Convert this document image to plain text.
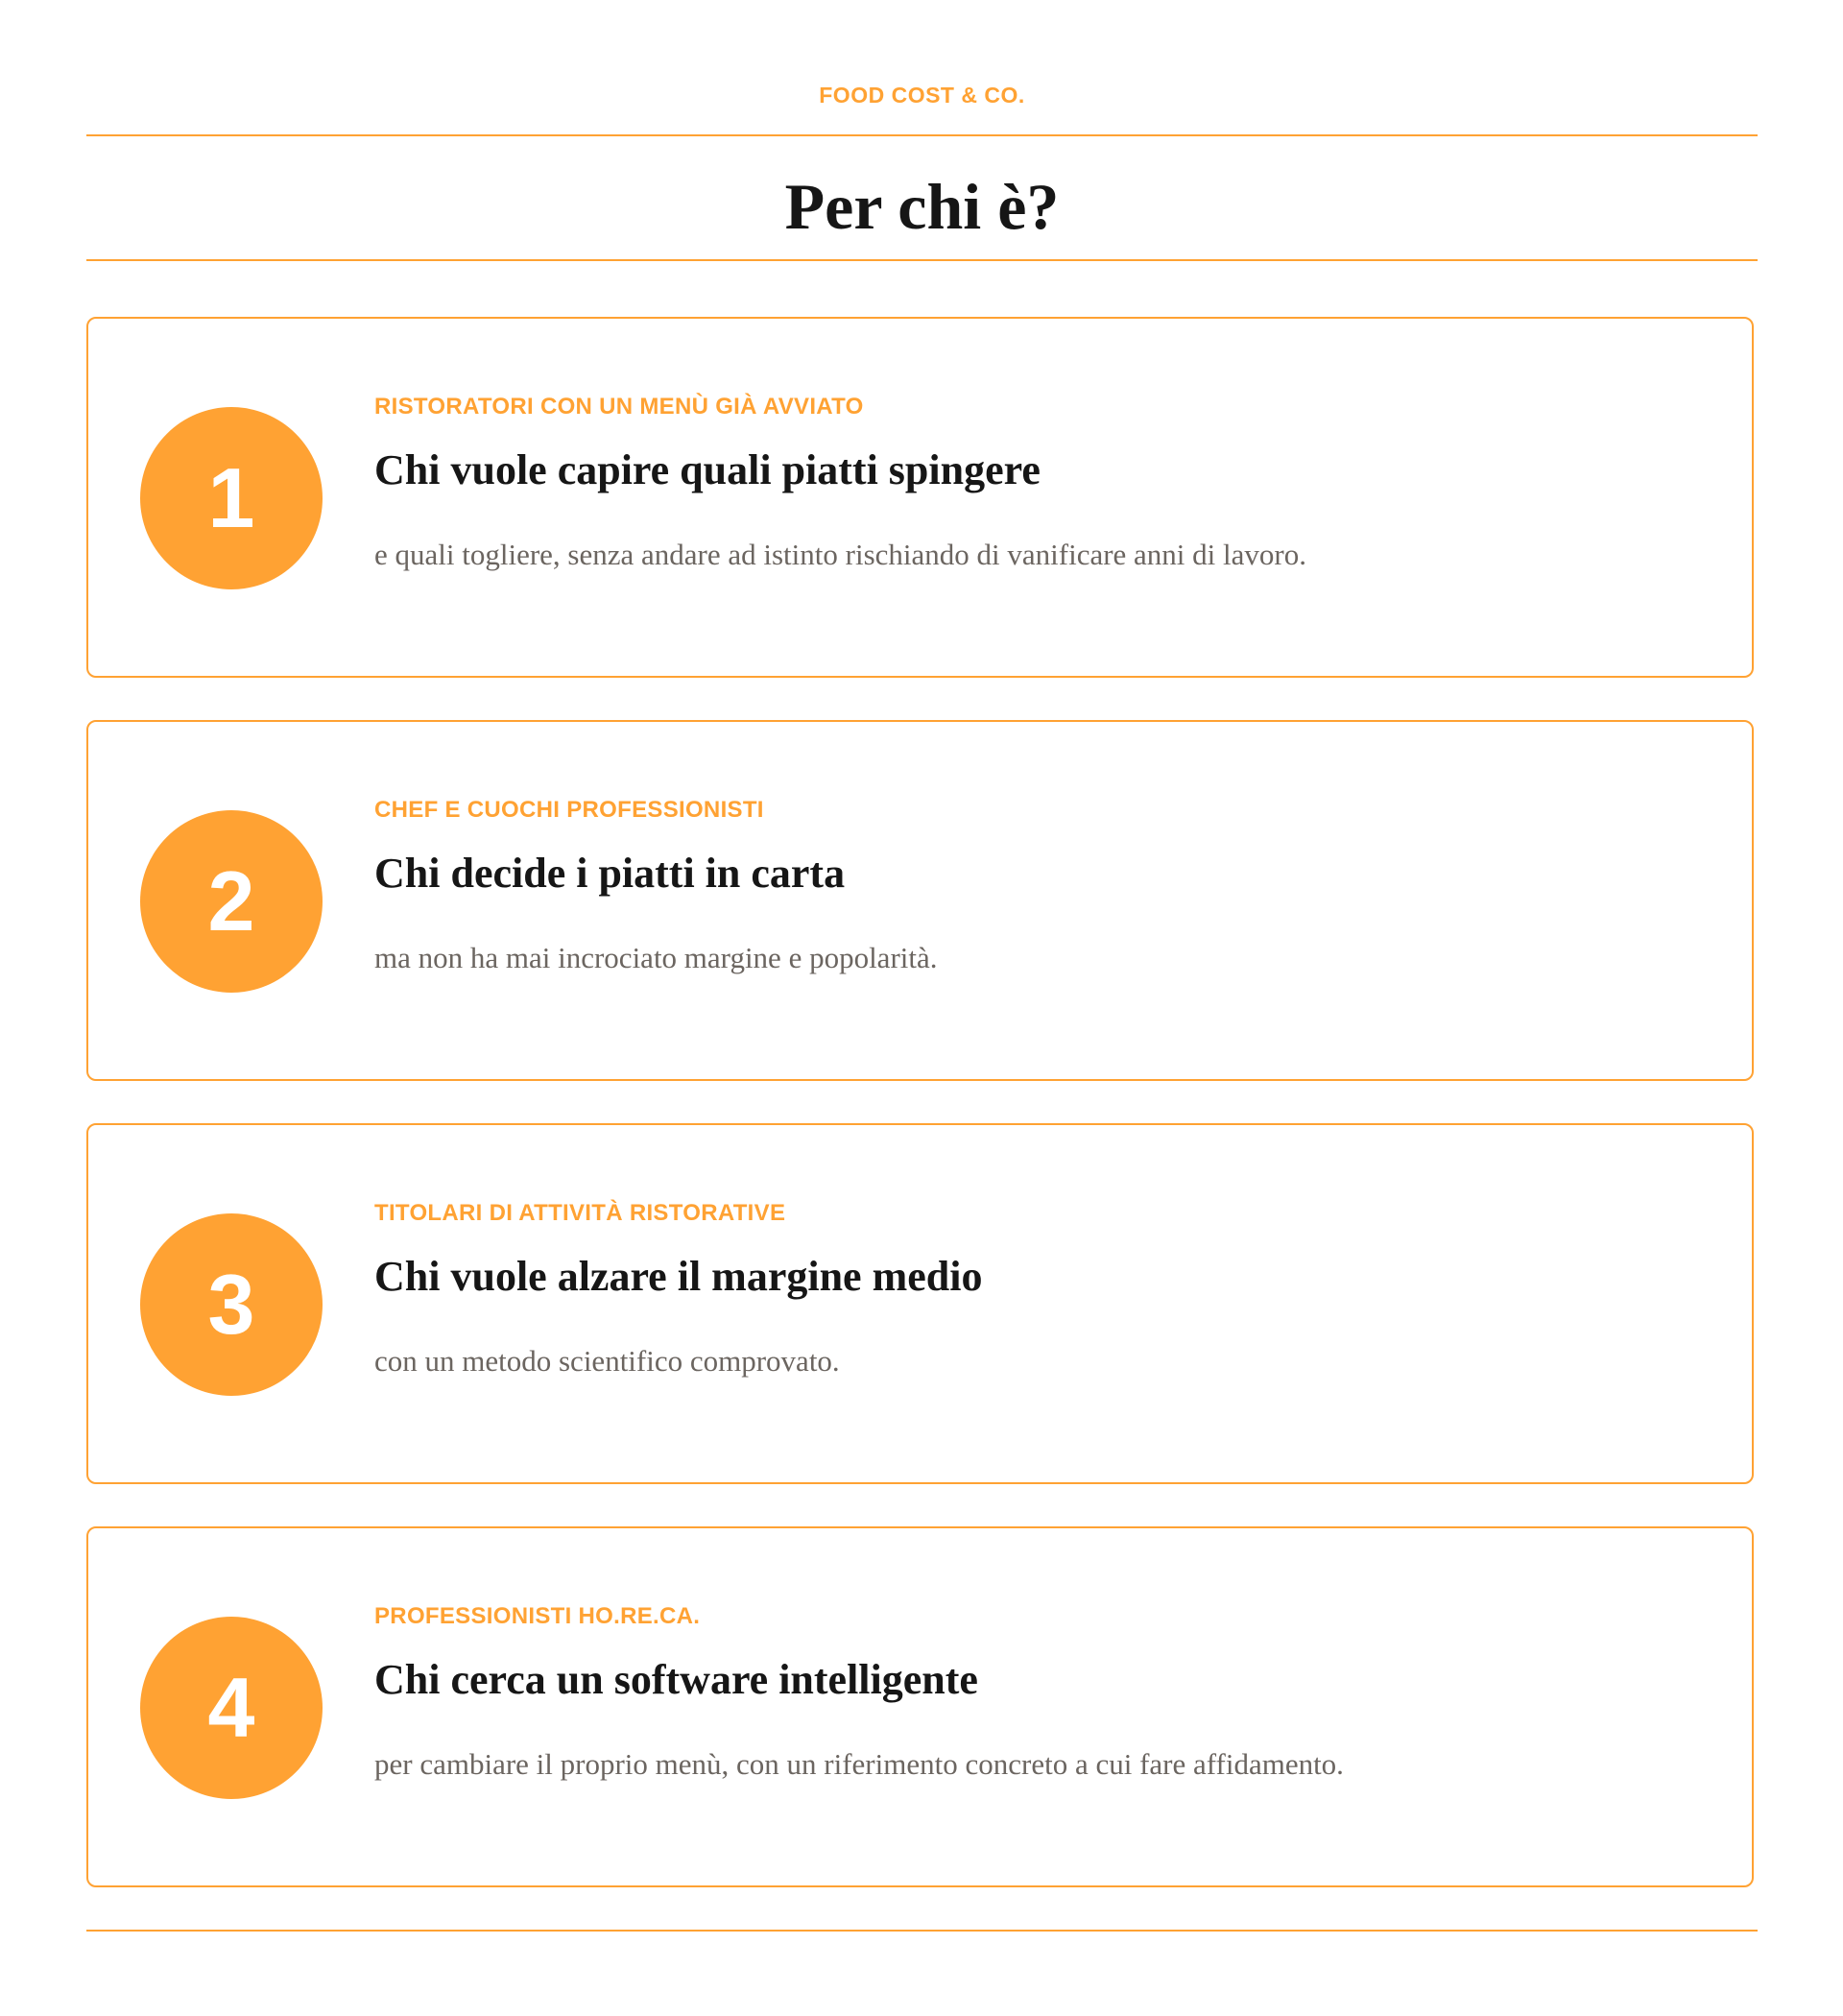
FOOD COST & CO.
Per chi è?
1
RISTORATORI CON UN MENÙ GIÀ AVVIATO
Chi vuole capire quali piatti spingere

e quali togliere, senza andare ad istinto rischiando di vanificare anni di lavoro.

2
CHEF E CUOCHI PROFESSIONISTI
Chi decide i piatti in carta

ma non ha mai incrociato margine e popolarità.

3
TITOLARI DI ATTIVITÀ RISTORATIVE
Chi vuole alzare il margine medio

con un metodo scientifico comprovato.

4
PROFESSIONISTI HO.RE.CA.
Chi cerca un software intelligente

per cambiare il proprio menù, con un riferimento concreto a cui fare affidamento.
